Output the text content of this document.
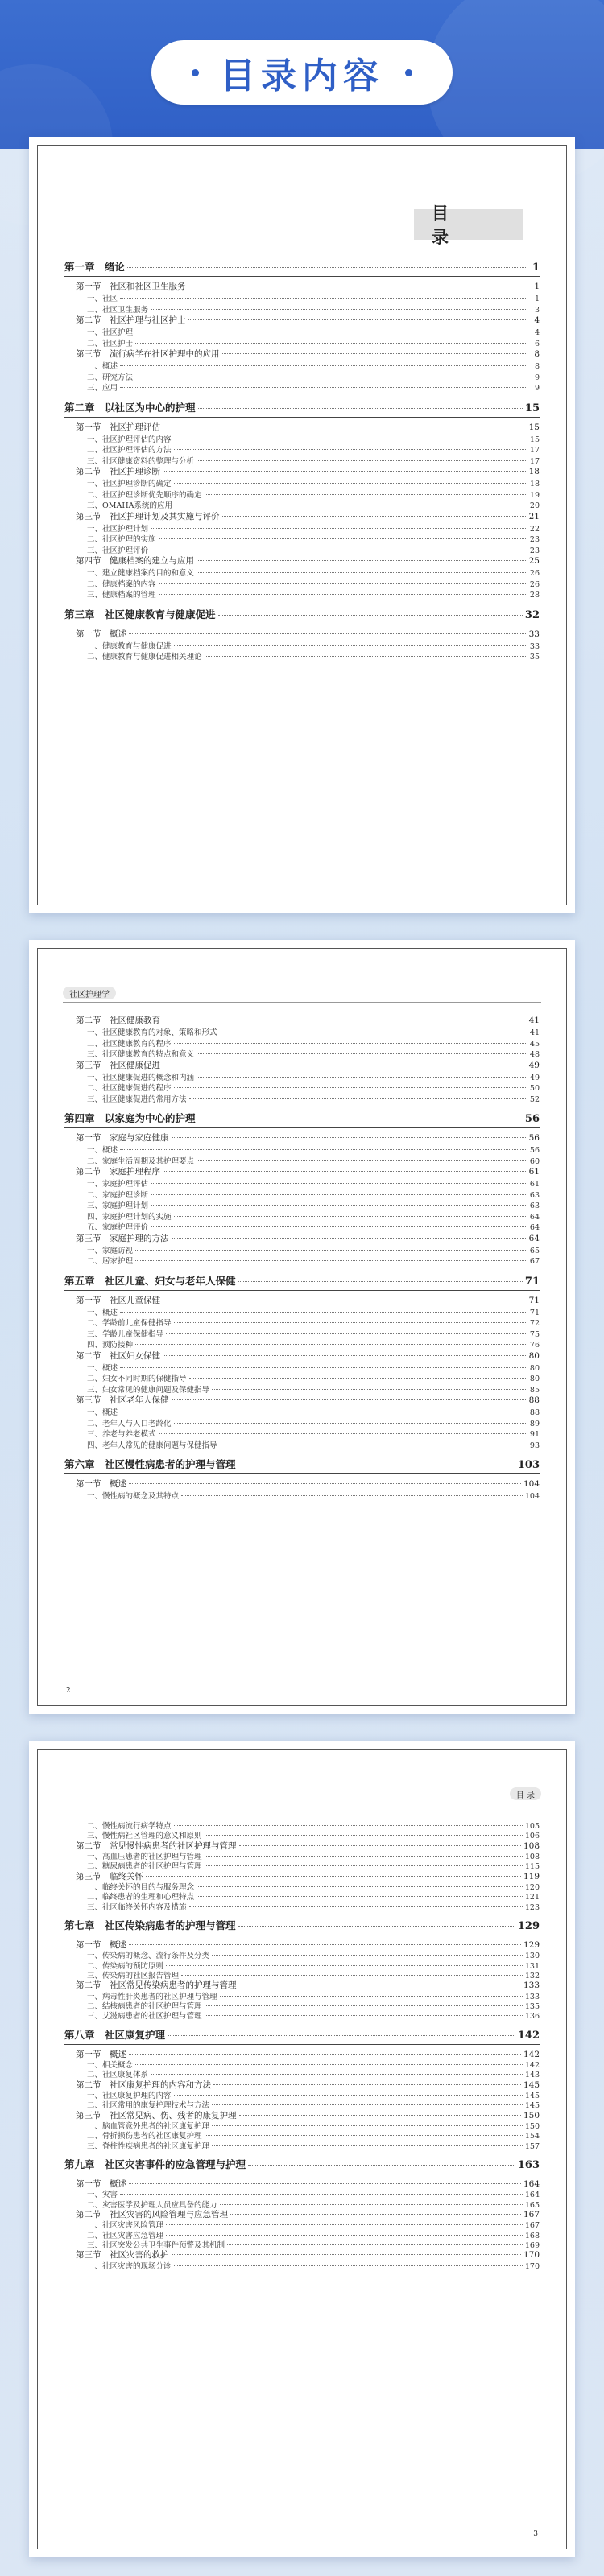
目录内容
目 录
第一章　绪论	1
第一节　社区和社区卫生服务	1
一、社区	1
二、社区卫生服务	3
第二节　社区护理与社区护士	4
一、社区护理	4
二、社区护士	6
第三节　流行病学在社区护理中的应用	8
一、概述	8
二、研究方法	9
三、应用	9
第二章　以社区为中心的护理	15
第一节　社区护理评估	15
一、社区护理评估的内容	15
二、社区护理评估的方法	17
三、社区健康资料的整理与分析	17
第二节　社区护理诊断	18
一、社区护理诊断的确定	18
二、社区护理诊断优先顺序的确定	19
三、OMAHA系统的应用	20
第三节　社区护理计划及其实施与评价	21
一、社区护理计划	22
二、社区护理的实施	23
三、社区护理评价	23
第四节　健康档案的建立与应用	25
一、建立健康档案的目的和意义	26
二、健康档案的内容	26
三、健康档案的管理	28
第三章　社区健康教育与健康促进	32
第一节　概述	33
一、健康教育与健康促进	33
二、健康教育与健康促进相关理论	35
社区护理学
第二节　社区健康教育	41
一、社区健康教育的对象、策略和形式	41
二、社区健康教育的程序	45
三、社区健康教育的特点和意义	48
第三节　社区健康促进	49
一、社区健康促进的概念和内涵	49
二、社区健康促进的程序	50
三、社区健康促进的常用方法	52
第四章　以家庭为中心的护理	56
第一节　家庭与家庭健康	56
一、概述	56
二、家庭生活周期及其护理要点	60
第二节　家庭护理程序	61
一、家庭护理评估	61
二、家庭护理诊断	63
三、家庭护理计划	63
四、家庭护理计划的实施	64
五、家庭护理评价	64
第三节　家庭护理的方法	64
一、家庭访视	65
二、居家护理	67
第五章　社区儿童、妇女与老年人保健	71
第一节　社区儿童保健	71
一、概述	71
二、学龄前儿童保健指导	72
三、学龄儿童保健指导	75
四、预防接种	76
第二节　社区妇女保健	80
一、概述	80
二、妇女不同时期的保健指导	80
三、妇女常见的健康问题及保健指导	85
第三节　社区老年人保健	88
一、概述	88
二、老年人与人口老龄化	89
三、养老与养老模式	91
四、老年人常见的健康问题与保健指导	93
第六章　社区慢性病患者的护理与管理	103
第一节　概述	104
一、慢性病的概念及其特点	104
2
目 录
二、慢性病流行病学特点	105
三、慢性病社区管理的意义和原则	106
第二节　常见慢性病患者的社区护理与管理	108
一、高血压患者的社区护理与管理	108
二、糖尿病患者的社区护理与管理	115
第三节　临终关怀	119
一、临终关怀的目的与服务理念	120
二、临终患者的生理和心理特点	121
三、社区临终关怀内容及措施	123
第七章　社区传染病患者的护理与管理	129
第一节　概述	129
一、传染病的概念、流行条件及分类	130
二、传染病的预防原则	131
三、传染病的社区报告管理	132
第二节　社区常见传染病患者的护理与管理	133
一、病毒性肝炎患者的社区护理与管理	133
二、结核病患者的社区护理与管理	135
三、艾滋病患者的社区护理与管理	136
第八章　社区康复护理	142
第一节　概述	142
一、相关概念	142
二、社区康复体系	143
第二节　社区康复护理的内容和方法	145
一、社区康复护理的内容	145
二、社区常用的康复护理技术与方法	145
第三节　社区常见病、伤、残者的康复护理	150
一、脑血管意外患者的社区康复护理	150
二、骨折损伤患者的社区康复护理	154
三、脊柱性疾病患者的社区康复护理	157
第九章　社区灾害事件的应急管理与护理	163
第一节　概述	164
一、灾害	164
二、灾害医学及护理人员应具备的能力	165
第二节　社区灾害的风险管理与应急管理	167
一、社区灾害风险管理	167
二、社区灾害应急管理	168
三、社区突发公共卫生事件预警及其机制	169
第三节　社区灾害的救护	170
一、社区灾害的现场分诊	170
3
